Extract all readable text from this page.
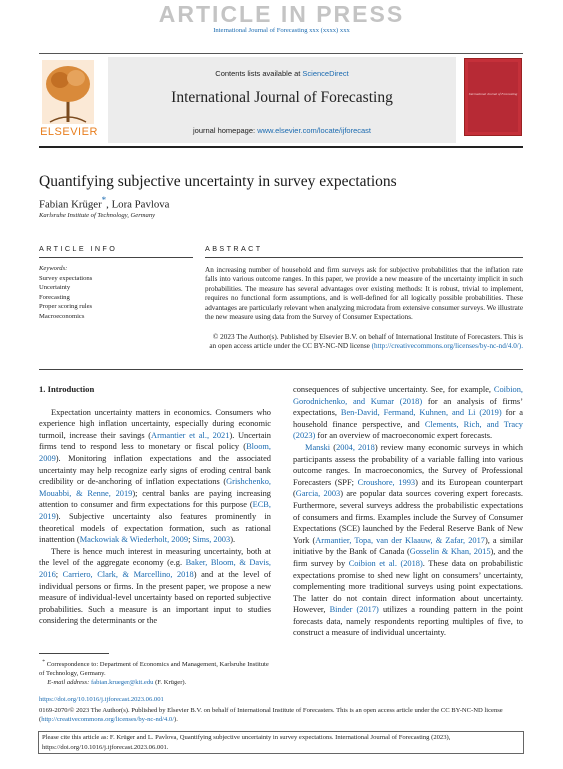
ARTICLE IN PRESS
International Journal of Forecasting xxx (xxxx) xxx
Contents lists available at ScienceDirect
International Journal of Forecasting
journal homepage: www.elsevier.com/locate/ijforecast
ELSEVIER
International Journal of Forecasting
Quantifying subjective uncertainty in survey expectations
Fabian Krüger*, Lora Pavlova
Karlsruhe Institute of Technology, Germany
ARTICLE INFO
Keywords:
Survey expectations
Uncertainty
Forecasting
Proper scoring rules
Macroeconomics
ABSTRACT
An increasing number of household and firm surveys ask for subjective probabilities that the inflation rate falls into various outcome ranges. In this paper, we provide a new measure of the uncertainty implicit in such probabilities. The measure has several advantages over existing methods: It is robust, trivial to implement, requires no functional form assumptions, and is well-defined for all logically possible probabilities. These advantages are particularly relevant when analyzing microdata from extensive consumer surveys. We illustrate the new measure using data from the Survey of Consumer Expectations.
© 2023 The Author(s). Published by Elsevier B.V. on behalf of International Institute of Forecasters. This is an open access article under the CC BY-NC-ND license (http://creativecommons.org/licenses/by-nc-nd/4.0/).
1. Introduction

Expectation uncertainty matters in economics. Consumers who experience high inflation uncertainty, especially during economic turmoil, increase their savings (Armantier et al., 2021). Uncertain firms tend to respond less to monetary or fiscal policy (Bloom, 2009). Monitoring inflation expectations and the associated uncertainty may help recognize early signs of eroding central bank credibility or de-anchoring of inflation expectations (Grishchenko, Mouabbi, & Renne, 2019); central banks are paying increasing attention to consumer and firm expectations for this purpose (ECB, 2019). Subjective uncertainty also features prominently in theoretical models of expectation formation, such as rational inattention (Mackowiak & Wiederholt, 2009; Sims, 2003).

There is hence much interest in measuring uncertainty, both at the level of the aggregate economy (e.g. Baker, Bloom, & Davis, 2016; Carriero, Clark, & Marcellino, 2018) and at the level of individual persons or firms. In the present paper, we propose a new measure of individual-level uncertainty based on reported subjective probabilities. Such a measure is an important input to studies considering the determinants or the

consequences of subjective uncertainty. See, for example, Coibion, Gorodnichenko, and Kumar (2018) for an analysis of firms’ expectations, Ben-David, Fermand, Kuhnen, and Li (2019) for a household finance perspective, and Clements, Rich, and Tracy (2023) for an overview of macroeconomic expert forecasts.

Manski (2004, 2018) review many economic surveys in which participants assess the probability of a variable falling into various outcome ranges. In macroeconomics, the Survey of Professional Forecasters (SPF; Croushore, 1993) and its European counterpart (Garcia, 2003) are popular data sources covering expert forecasts. Furthermore, several surveys address the probabilistic expectations of consumers and firms. Examples include the Survey of Consumer Expectations (SCE) launched by the Federal Reserve Bank of New York (Armantier, Topa, van der Klaauw, & Zafar, 2017), a similar initiative by the Bank of Canada (Gosselin & Khan, 2015), and the firm survey by Coibion et al. (2018). These data on probabilistic expectations promise to shed new light on consumers’ uncertainty, complementing more traditional surveys using point expectations. The latter do not contain direct information about uncertainty. However, Binder (2017) utilizes a rounding pattern in the point forecasts data, namely respondents reporting multiples of five, to construct a measure of individual uncertainty.

* Correspondence to: Department of Economics and Management, Karlsruhe Institute of Technology, Germany.
E-mail address: fabian.krueger@kit.edu (F. Krüger).
https://doi.org/10.1016/j.ijforecast.2023.06.001
0169-2070/© 2023 The Author(s). Published by Elsevier B.V. on behalf of International Institute of Forecasters. This is an open access article under the CC BY-NC-ND license (http://creativecommons.org/licenses/by-nc-nd/4.0/).
Please cite this article as: F. Krüger and L. Pavlova, Quantifying subjective uncertainty in survey expectations. International Journal of Forecasting (2023), https://doi.org/10.1016/j.ijforecast.2023.06.001.
